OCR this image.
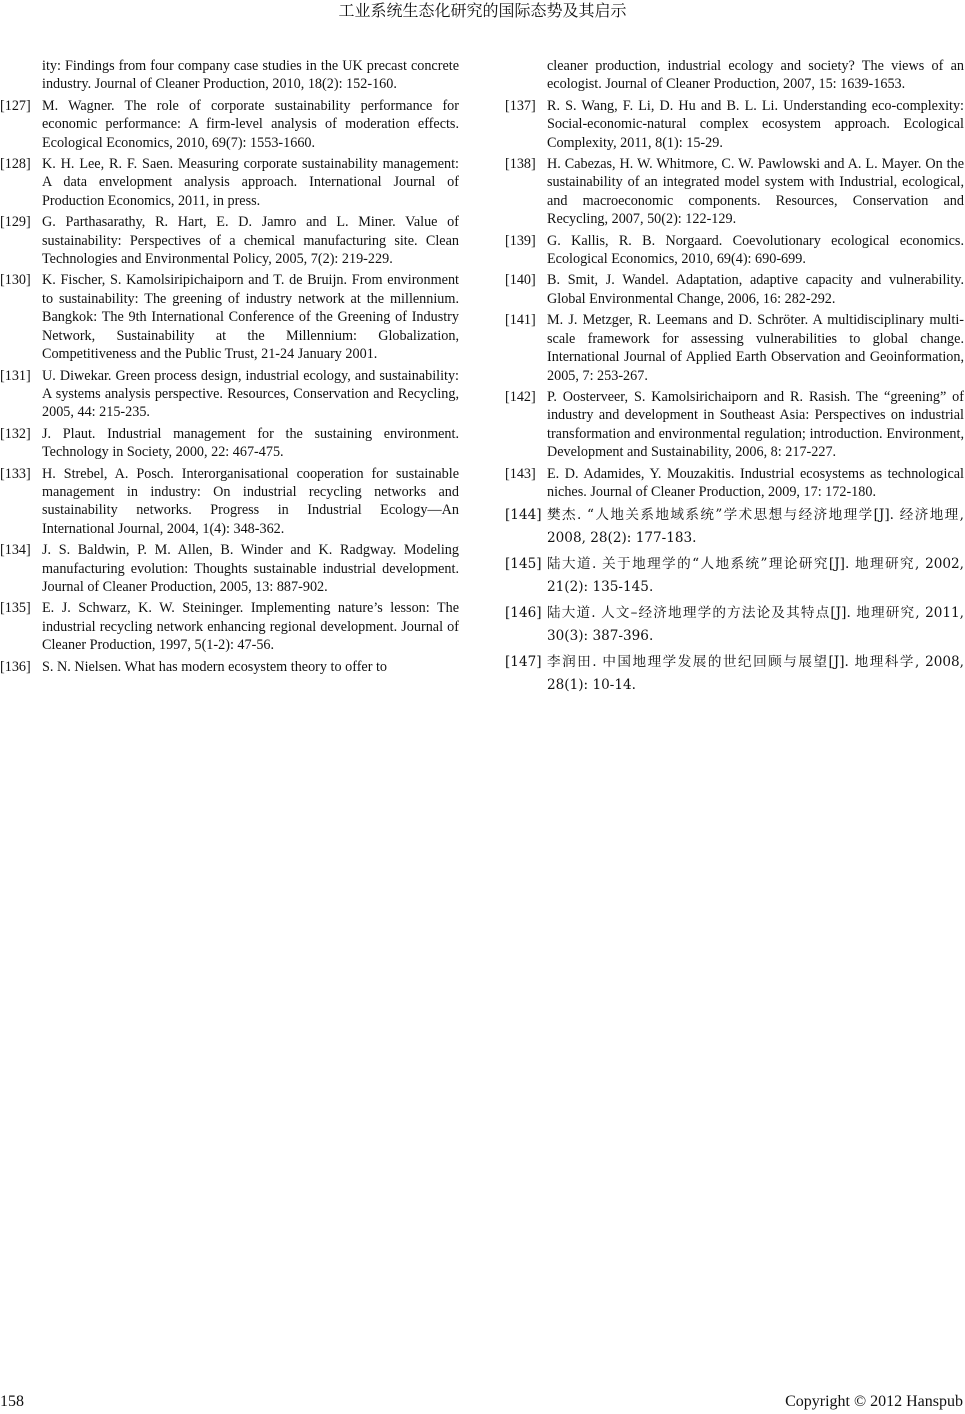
工业系统生态化研究的国际态势及其启示
ity: Findings from four company case studies in the UK precast concrete industry. Journal of Cleaner Production, 2010, 18(2): 152-160.
[127] M. Wagner. The role of corporate sustainability performance for economic performance: A firm-level analysis of moderation effects. Ecological Economics, 2010, 69(7): 1553-1660.
[128] K. H. Lee, R. F. Saen. Measuring corporate sustainability management: A data envelopment analysis approach. International Journal of Production Economics, 2011, in press.
[129] G. Parthasarathy, R. Hart, E. D. Jamro and L. Miner. Value of sustainability: Perspectives of a chemical manufacturing site. Clean Technologies and Environmental Policy, 2005, 7(2): 219-229.
[130] K. Fischer, S. Kamolsiripichaiporn and T. de Bruijn. From environment to sustainability: The greening of industry network at the millennium. Bangkok: The 9th International Conference of the Greening of Industry Network, Sustainability at the Millennium: Globalization, Competitiveness and the Public Trust, 21-24 January 2001.
[131] U. Diwekar. Green process design, industrial ecology, and sustainability: A systems analysis perspective. Resources, Conservation and Recycling, 2005, 44: 215-235.
[132] J. Plaut. Industrial management for the sustaining environment. Technology in Society, 2000, 22: 467-475.
[133] H. Strebel, A. Posch. Interorganisational cooperation for sustainable management in industry: On industrial recycling networks and sustainability networks. Progress in Industrial Ecology—An International Journal, 2004, 1(4): 348-362.
[134] J. S. Baldwin, P. M. Allen, B. Winder and K. Radgway. Modeling manufacturing evolution: Thoughts sustainable industrial development. Journal of Cleaner Production, 2005, 13: 887-902.
[135] E. J. Schwarz, K. W. Steininger. Implementing nature’s lesson: The industrial recycling network enhancing regional development. Journal of Cleaner Production, 1997, 5(1-2): 47-56.
[136] S. N. Nielsen. What has modern ecosystem theory to offer to
cleaner production, industrial ecology and society? The views of an ecologist. Journal of Cleaner Production, 2007, 15: 1639-1653.
[137] R. S. Wang, F. Li, D. Hu and B. L. Li. Understanding eco-complexity: Social-economic-natural complex ecosystem approach. Ecological Complexity, 2011, 8(1): 15-29.
[138] H. Cabezas, H. W. Whitmore, C. W. Pawlowski and A. L. Mayer. On the sustainability of an integrated model system with Industrial, ecological, and macroeconomic components. Resources, Conservation and Recycling, 2007, 50(2): 122-129.
[139] G. Kallis, R. B. Norgaard. Coevolutionary ecological economics. Ecological Economics, 2010, 69(4): 690-699.
[140] B. Smit, J. Wandel. Adaptation, adaptive capacity and vulnerability. Global Environmental Change, 2006, 16: 282-292.
[141] M. J. Metzger, R. Leemans and D. Schröter. A multidisciplinary multi-scale framework for assessing vulnerabilities to global change. International Journal of Applied Earth Observation and Geoinformation, 2005, 7: 253-267.
[142] P. Oosterveer, S. Kamolsirichaiporn and R. Rasish. The “greening” of industry and development in Southeast Asia: Perspectives on industrial transformation and environmental regulation; introduction. Environment, Development and Sustainability, 2006, 8: 217-227.
[143] E. D. Adamides, Y. Mouzakitis. Industrial ecosystems as technological niches. Journal of Cleaner Production, 2009, 17: 172-180.
[144] 樊杰. “人地关系地域系统”学术思想与经济地理学[J]. 经济地理, 2008, 28(2): 177-183.
[145] 陆大道. 关于地理学的“人地系统”理论研究[J]. 地理研究, 2002, 21(2): 135-145.
[146] 陆大道. 人文–经济地理学的方法论及其特点[J]. 地理研究, 2011, 30(3): 387-396.
[147] 李润田. 中国地理学发展的世纪回顾与展望[J]. 地理科学, 2008, 28(1): 10-14.
158	Copyright © 2012 Hanspub
